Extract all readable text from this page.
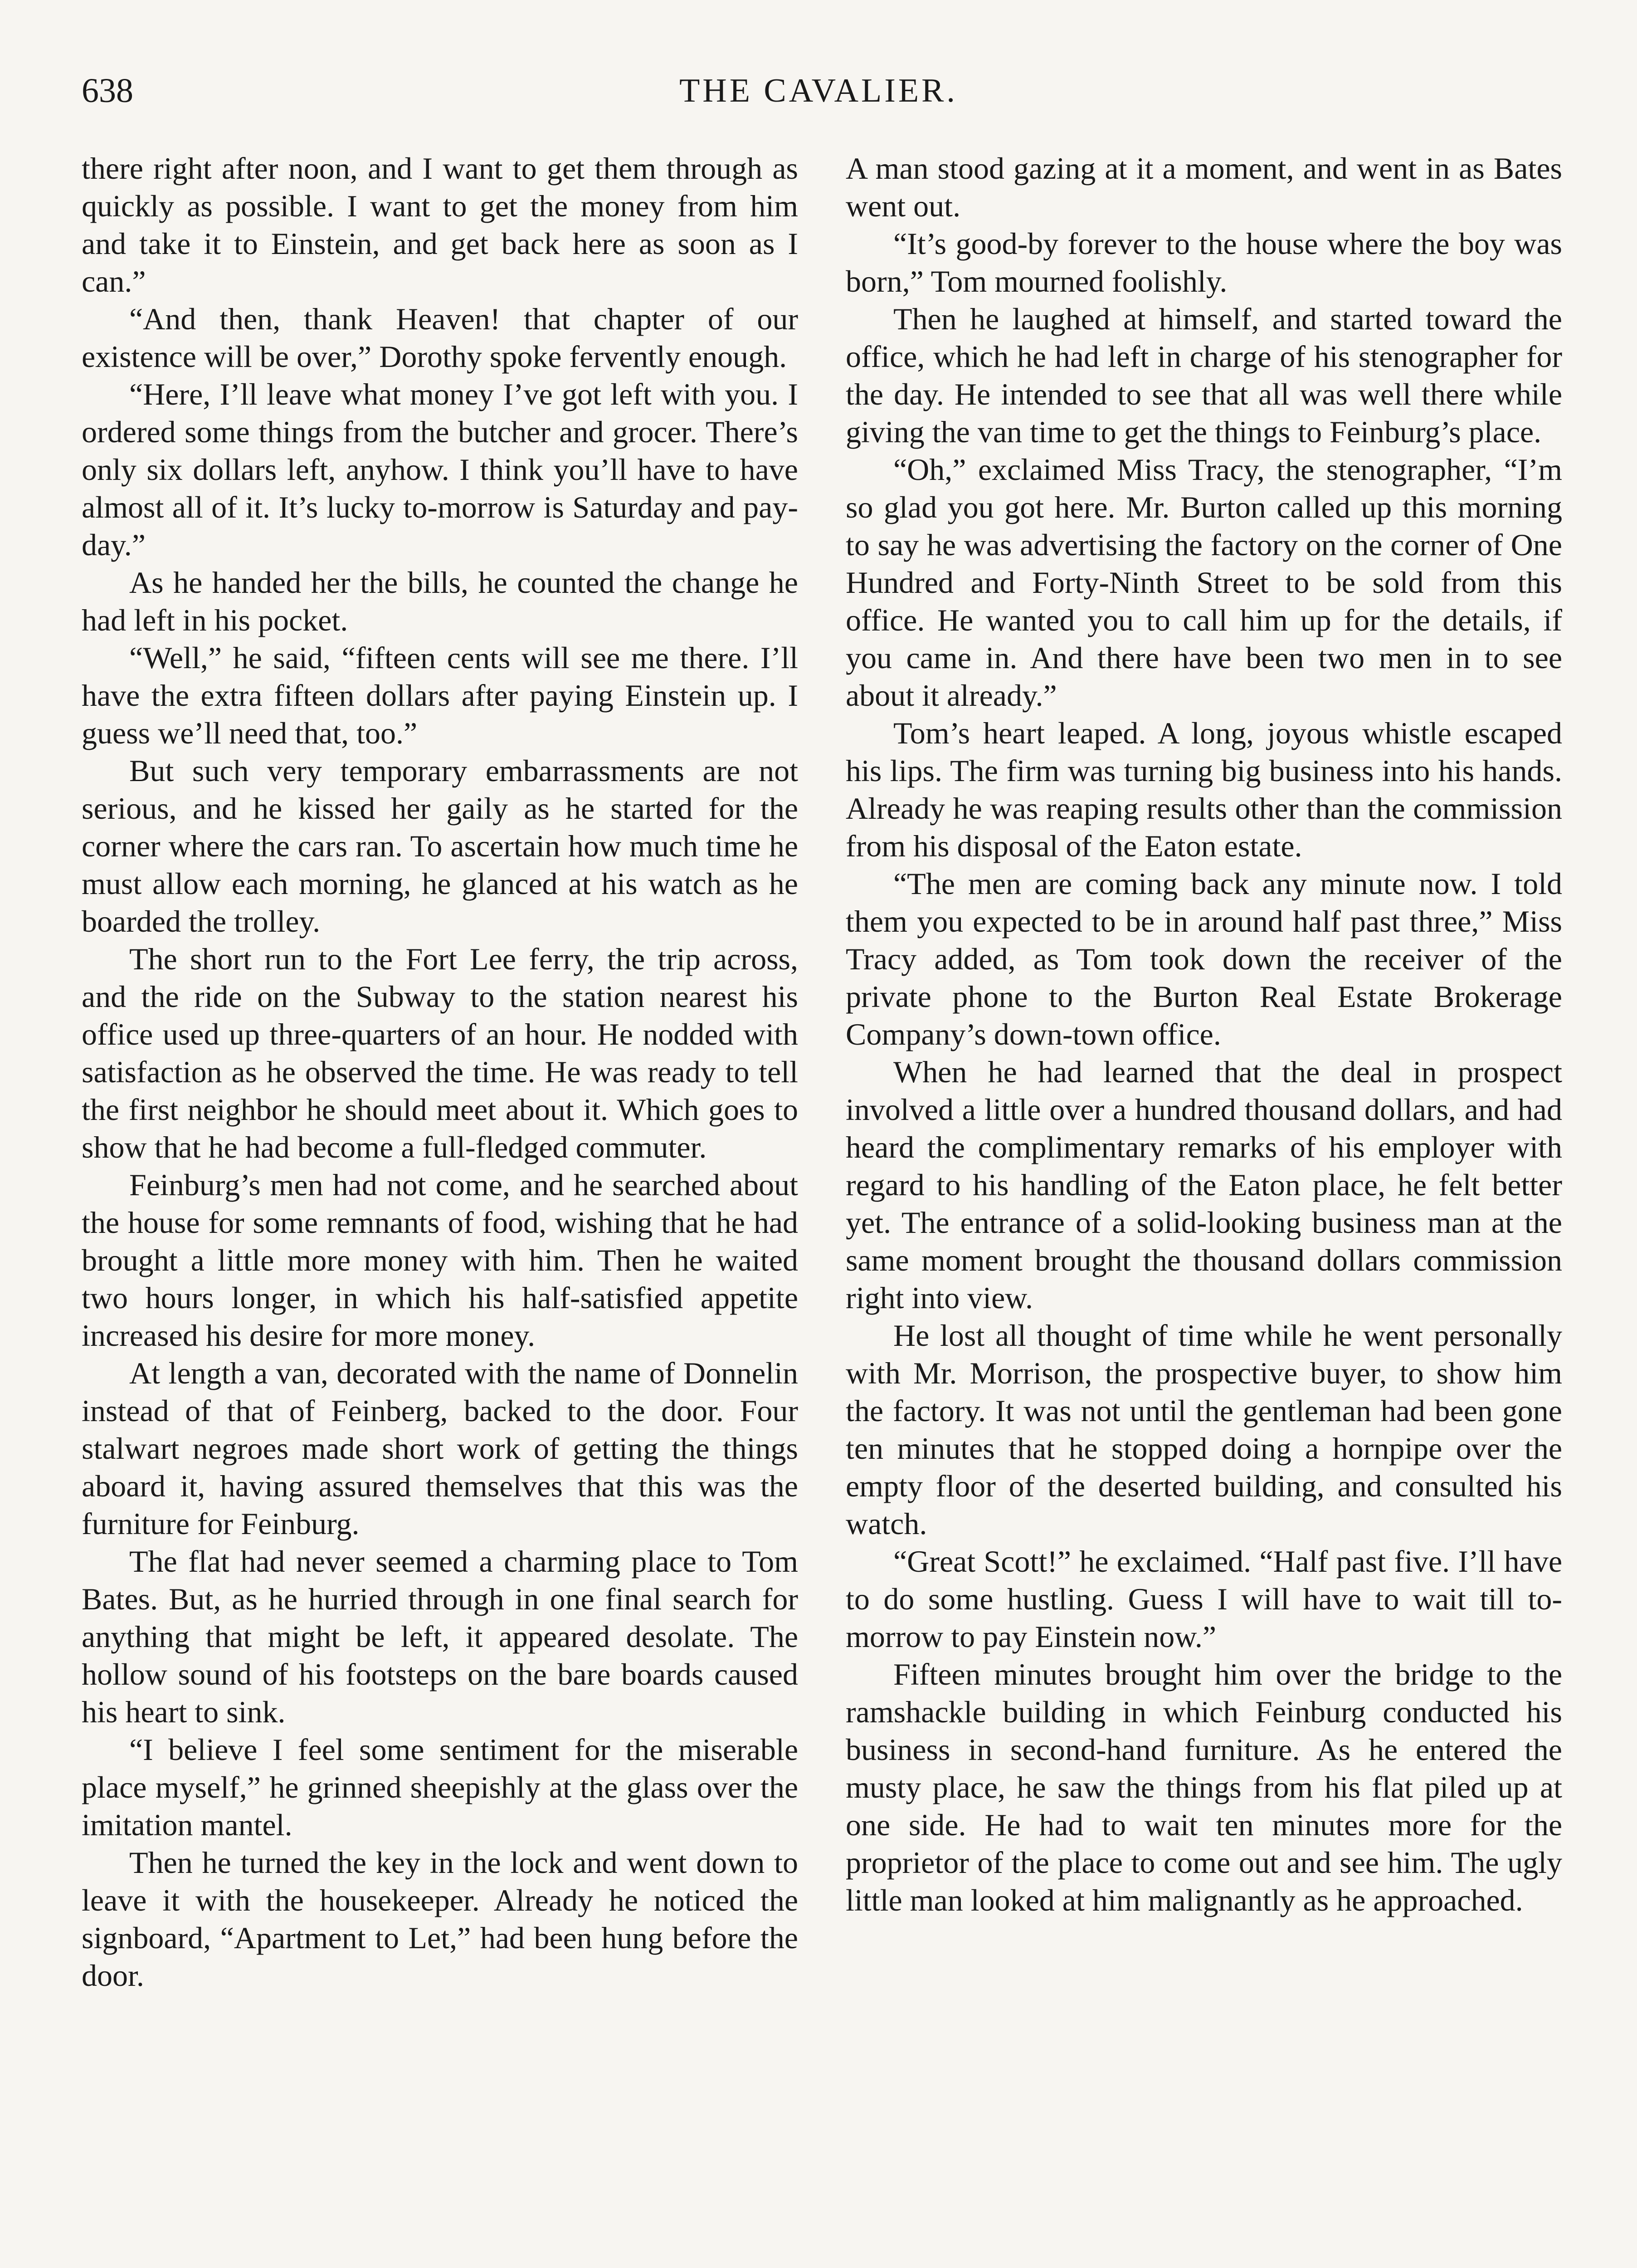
638	THE CAVALIER.

there right after noon, and I want to get them through as quickly as possible. I want to get the money from him and take it to Einstein, and get back here as soon as I can.”

“And then, thank Heaven! that chapter of our existence will be over,” Dorothy spoke fervently enough.

“Here, I’ll leave what money I’ve got left with you. I ordered some things from the butcher and grocer. There’s only six dollars left, anyhow. I think you’ll have to have almost all of it. It’s lucky to-morrow is Saturday and pay-day.”

As he handed her the bills, he counted the change he had left in his pocket.

“Well,” he said, “fifteen cents will see me there. I’ll have the extra fifteen dollars after paying Einstein up. I guess we’ll need that, too.”

But such very temporary embarrassments are not serious, and he kissed her gaily as he started for the corner where the cars ran. To ascertain how much time he must allow each morning, he glanced at his watch as he boarded the trolley.

The short run to the Fort Lee ferry, the trip across, and the ride on the Subway to the station nearest his office used up three-quarters of an hour. He nodded with satisfaction as he observed the time. He was ready to tell the first neighbor he should meet about it. Which goes to show that he had become a full-fledged commuter.

Feinburg’s men had not come, and he searched about the house for some remnants of food, wishing that he had brought a little more money with him. Then he waited two hours longer, in which his half-satisfied appetite increased his desire for more money.

At length a van, decorated with the name of Donnelin instead of that of Feinberg, backed to the door. Four stalwart negroes made short work of getting the things aboard it, having assured themselves that this was the furniture for Feinburg.

The flat had never seemed a charming place to Tom Bates. But, as he hurried through in one final search for anything that might be left, it appeared desolate. The hollow sound of his footsteps on the bare boards caused his heart to sink.

“I believe I feel some sentiment for the miserable place myself,” he grinned sheepishly at the glass over the imitation mantel.

Then he turned the key in the lock and went down to leave it with the housekeeper. Already he noticed the signboard, “Apartment to Let,” had been hung before the door.

A man stood gazing at it a moment, and went in as Bates went out.

“It’s good-by forever to the house where the boy was born,” Tom mourned foolishly.

Then he laughed at himself, and started toward the office, which he had left in charge of his stenographer for the day. He intended to see that all was well there while giving the van time to get the things to Feinburg’s place.

“Oh,” exclaimed Miss Tracy, the stenographer, “I’m so glad you got here. Mr. Burton called up this morning to say he was advertising the factory on the corner of One Hundred and Forty-Ninth Street to be sold from this office. He wanted you to call him up for the details, if you came in. And there have been two men in to see about it already.”

Tom’s heart leaped. A long, joyous whistle escaped his lips. The firm was turning big business into his hands. Already he was reaping results other than the commission from his disposal of the Eaton estate.

“The men are coming back any minute now. I told them you expected to be in around half past three,” Miss Tracy added, as Tom took down the receiver of the private phone to the Burton Real Estate Brokerage Company’s down-town office.

When he had learned that the deal in prospect involved a little over a hundred thousand dollars, and had heard the complimentary remarks of his employer with regard to his handling of the Eaton place, he felt better yet. The entrance of a solid-looking business man at the same moment brought the thousand dollars commission right into view.

He lost all thought of time while he went personally with Mr. Morrison, the prospective buyer, to show him the factory. It was not until the gentleman had been gone ten minutes that he stopped doing a hornpipe over the empty floor of the deserted building, and consulted his watch.

“Great Scott!” he exclaimed. “Half past five. I’ll have to do some hustling. Guess I will have to wait till to-morrow to pay Einstein now.”

Fifteen minutes brought him over the bridge to the ramshackle building in which Feinburg conducted his business in second-hand furniture. As he entered the musty place, he saw the things from his flat piled up at one side. He had to wait ten minutes more for the proprietor of the place to come out and see him. The ugly little man looked at him malignantly as he approached.
